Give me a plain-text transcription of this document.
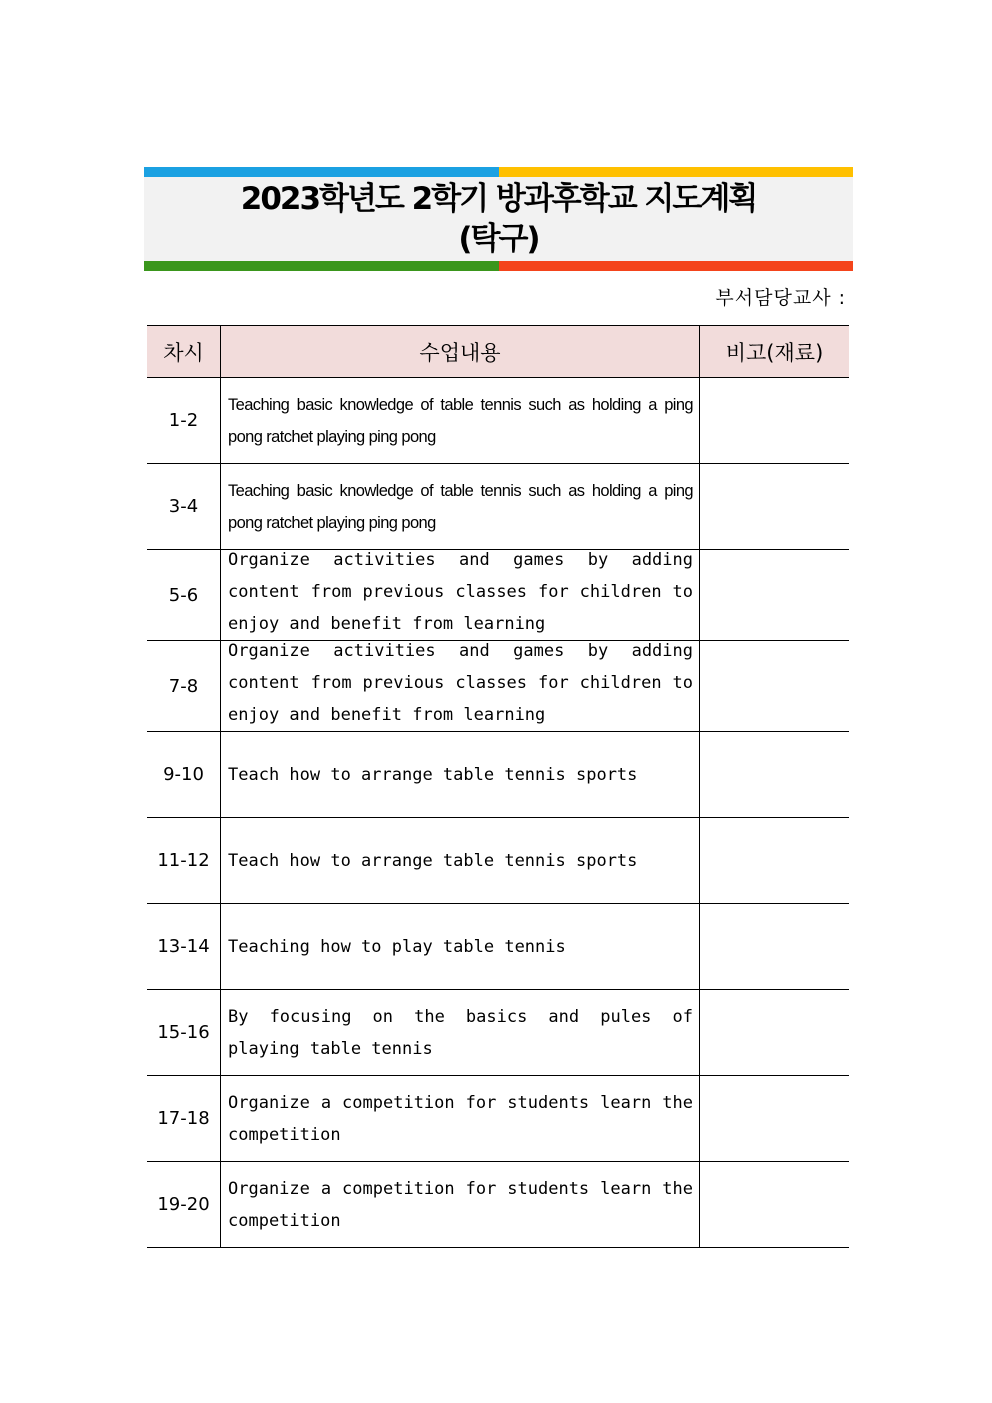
2023학년도 2학기 방과후학교 지도계획
(탁구)
부서담당교사 :
차시	수업내용	비고(재료)
1-2	Teaching basic knowledge of table tennis such as holding a ping pong ratchet playing ping pong	

3-4	Teaching basic knowledge of table tennis such as holding a ping pong ratchet playing ping pong	

5-6	Organize activities and games by adding content from previous classes for children to enjoy and benefit from learning	

7-8	Organize activities and games by adding content from previous classes for children to enjoy and benefit from learning	

9-10	Teach how to arrange table tennis sports	

11-12	Teach how to arrange table tennis sports	

13-14	Teaching how to play table tennis	

15-16	By focusing on the basics and pules of playing table tennis	

17-18	Organize a competition for students learn the competition	

19-20	Organize a competition for students learn the competition	
